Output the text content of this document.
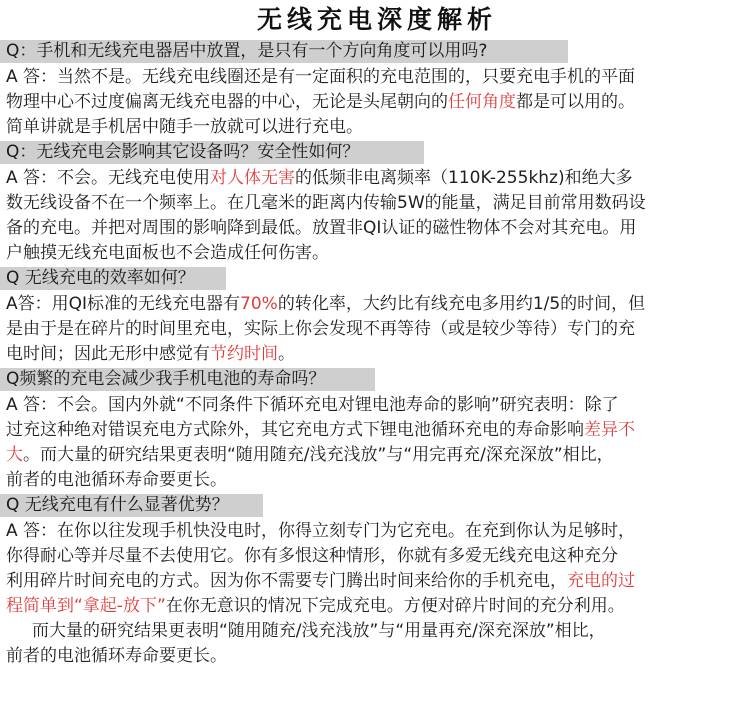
无线充电深度解析
Q：手机和无线充电器居中放置，是只有一个方向角度可以用吗?
A 答：当然不是。无线充电线圈还是有一定面积的充电范围的，只要充电手机的平面
物理中心不过度偏离无线充电器的中心，无论是头尾朝向的任何角度都是可以用的。
简单讲就是手机居中随手一放就可以进行充电。
Q：无线充电会影响其它设备吗？安全性如何？
A 答：不会。无线充电使用对人体无害的低频非电离频率（110K-255khz)和绝大多
数无线设备不在一个频率上。在几毫米的距离内传输5W的能量，满足目前常用数码设
备的充电。并把对周围的影响降到最低。放置非QI认证的磁性物体不会对其充电。用
户触摸无线充电面板也不会造成任何伤害。
Q 无线充电的效率如何？
A答：用QI标准的无线充电器有70%的转化率，大约比有线充电多用约1/5的时间，但
是由于是在碎片的时间里充电，实际上你会发现不再等待（或是较少等待）专门的充
电时间；因此无形中感觉有节约时间。
Q频繁的充电会减少我手机电池的寿命吗？
A 答：不会。国内外就“不同条件下循环充电对锂电池寿命的影响”研究表明：除了
过充这种绝对错误充电方式除外，其它充电方式下锂电池循环充电的寿命影响差异不
大。而大量的研究结果更表明“随用随充/浅充浅放”与“用完再充/深充深放”相比，
前者的电池循环寿命要更长。
Q 无线充电有什么显著优势？
A 答：在你以往发现手机快没电时，你得立刻专门为它充电。在充到你认为足够时，
你得耐心等并尽量不去使用它。你有多恨这种情形，你就有多爱无线充电这种充分
利用碎片时间充电的方式。因为你不需要专门腾出时间来给你的手机充电，充电的过
程简单到“拿起-放下”在你无意识的情况下完成充电。方便对碎片时间的充分利用。
而大量的研究结果更表明“随用随充/浅充浅放”与“用量再充/深充深放”相比，
前者的电池循环寿命要更长。
